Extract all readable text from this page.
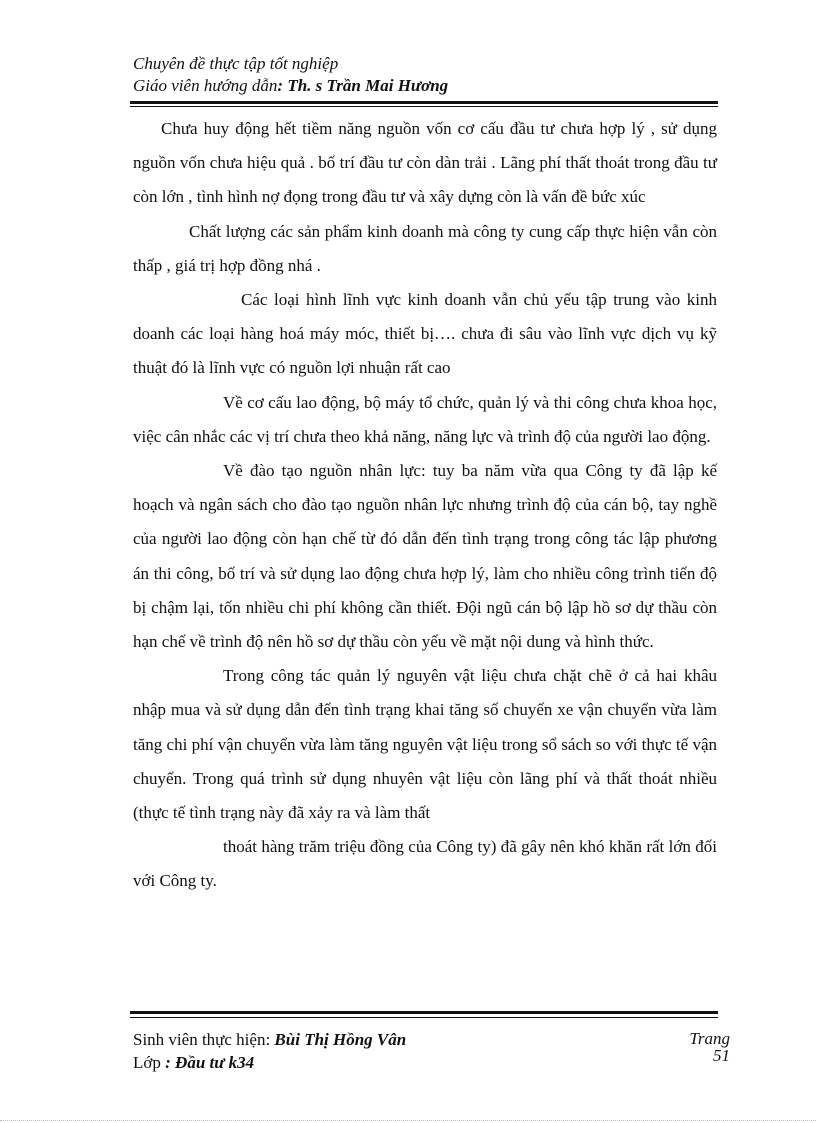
Chuyên đề thực tập tốt nghiệp
Giáo viên hướng dẫn: Th. s Trần Mai Hương

Chưa huy động hết tiềm năng nguồn vốn cơ cấu đầu tư chưa hợp lý , sử dụng nguồn vốn chưa hiệu quả . bố trí đầu tư còn dàn trải . Lãng phí thất thoát trong đầu tư còn lớn , tình hình nợ đọng trong đầu tư và xây dựng còn là vấn đề bức xúc

Chất lượng các sản phẩm kinh doanh mà công ty cung cấp thực hiện vẫn còn thấp , giá trị hợp đồng nhá .

Các loại hình lĩnh vực kinh doanh vẫn chủ yếu tập trung vào kinh doanh các loại hàng hoá máy móc, thiết bị…. chưa đi sâu vào lĩnh vực dịch vụ kỹ thuật đó là lĩnh vực có nguồn lợi nhuận rất cao

Về cơ cấu lao động, bộ máy tổ chức, quản lý và thi công chưa khoa học, việc cân nhắc các vị trí chưa theo khả năng, năng lực và trình độ của người lao động.

Về đào tạo nguồn nhân lực: tuy ba năm vừa qua Công ty đã lập kế hoạch và ngân sách cho đào tạo nguồn nhân lực nhưng trình độ của cán bộ, tay nghề của người lao động còn hạn chế từ đó dẫn đến tình trạng trong công tác lập phương án thi công, bố trí và sử dụng lao động chưa hợp lý, làm cho nhiều công trình tiến độ bị chậm lại, tốn nhiều chi phí không cần thiết. Đội ngũ cán bộ lập hồ sơ dự thầu còn hạn chế về trình độ nên hồ sơ dự thầu còn yếu về mặt nội dung và hình thức.

Trong công tác quản lý nguyên vật liệu chưa chặt chẽ ở cả hai khâu nhập mua và sử dụng dẫn đến tình trạng khai tăng số chuyến xe vận chuyển vừa làm tăng chi phí vận chuyển vừa làm tăng nguyên vật liệu trong sổ sách so với thực tế vận chuyển. Trong quá trình sử dụng nhuyên vật liệu còn lãng phí và thất thoát nhiều (thực tế tình trạng này đã xảy ra và làm thất

thoát hàng trăm triệu đồng của Công ty) đã gây nên khó khăn rất lớn đối với Công ty.

Sinh viên thực hiện: Bùi Thị Hồng Vân
Lớp : Đầu tư k34
Trang
51
